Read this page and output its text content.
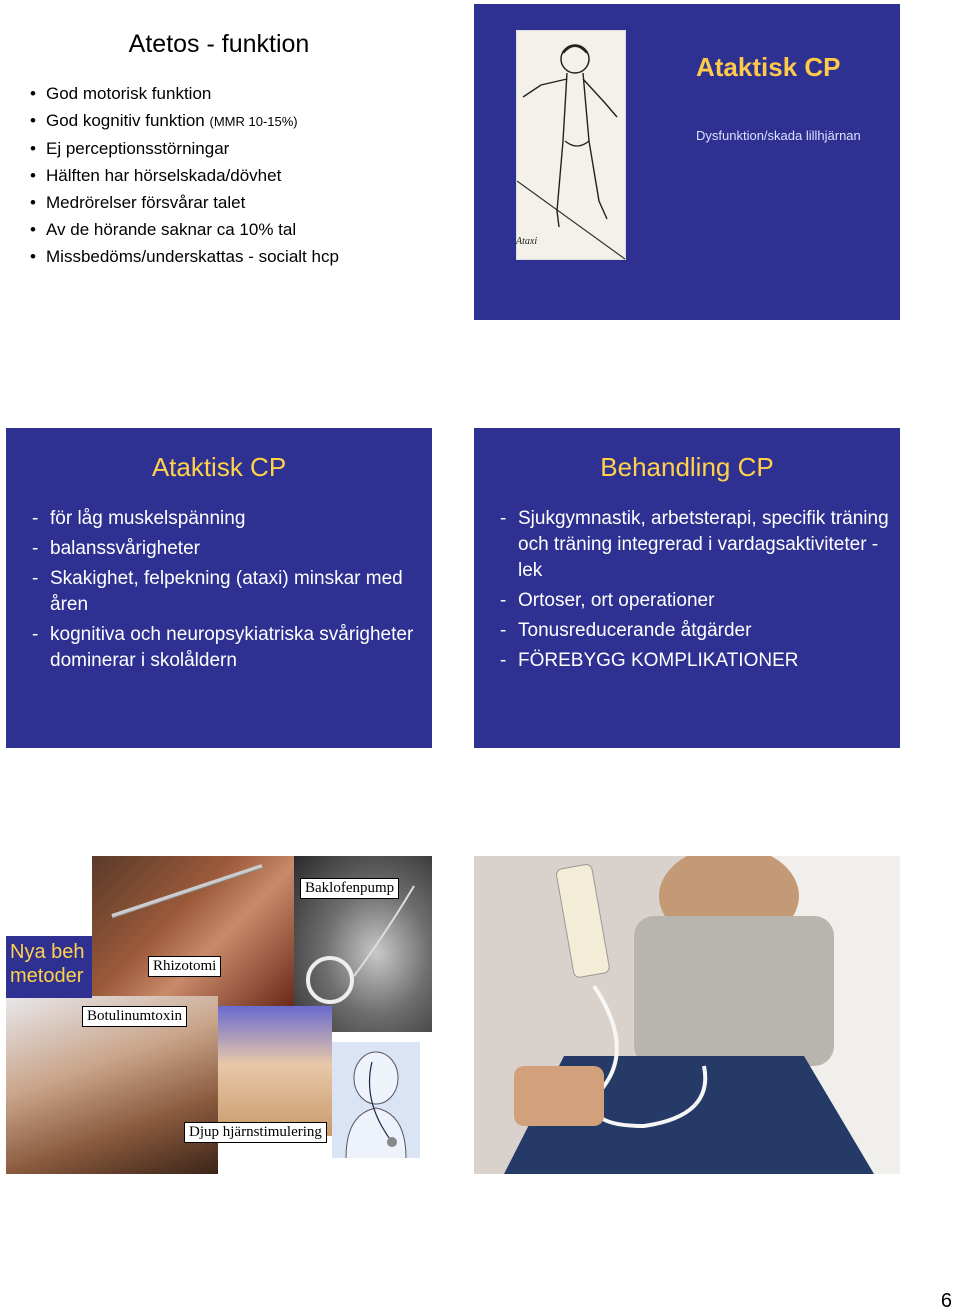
Atetos - funktion
• God motorisk funktion
• God kognitiv funktion (MMR 10-15%)
• Ej perceptionsstörningar
• Hälften har hörselskada/dövhet
• Medrörelser försvårar talet
• Av de hörande saknar ca 10% tal
• Missbedöms/underskattas - socialt hcp
Ataxi
Ataktisk CP
Dysfunktion/skada lillhjärnan
Ataktisk CP
- för låg muskelspänning
- balanssvårigheter
- Skakighet, felpekning (ataxi) minskar med åren
- kognitiva och neuropsykiatriska svårigheter dominerar i skolåldern
Behandling CP
- Sjukgymnastik, arbetsterapi, specifik träning och träning integrerad i vardagsaktiviteter - lek
- Ortoser, ort operationer
- Tonusreducerande åtgärder
- FÖREBYGG KOMPLIKATIONER
Nya beh metoder
Baklofenpump
Rhizotomi
Botulinumtoxin
Djup hjärnstimulering
6
